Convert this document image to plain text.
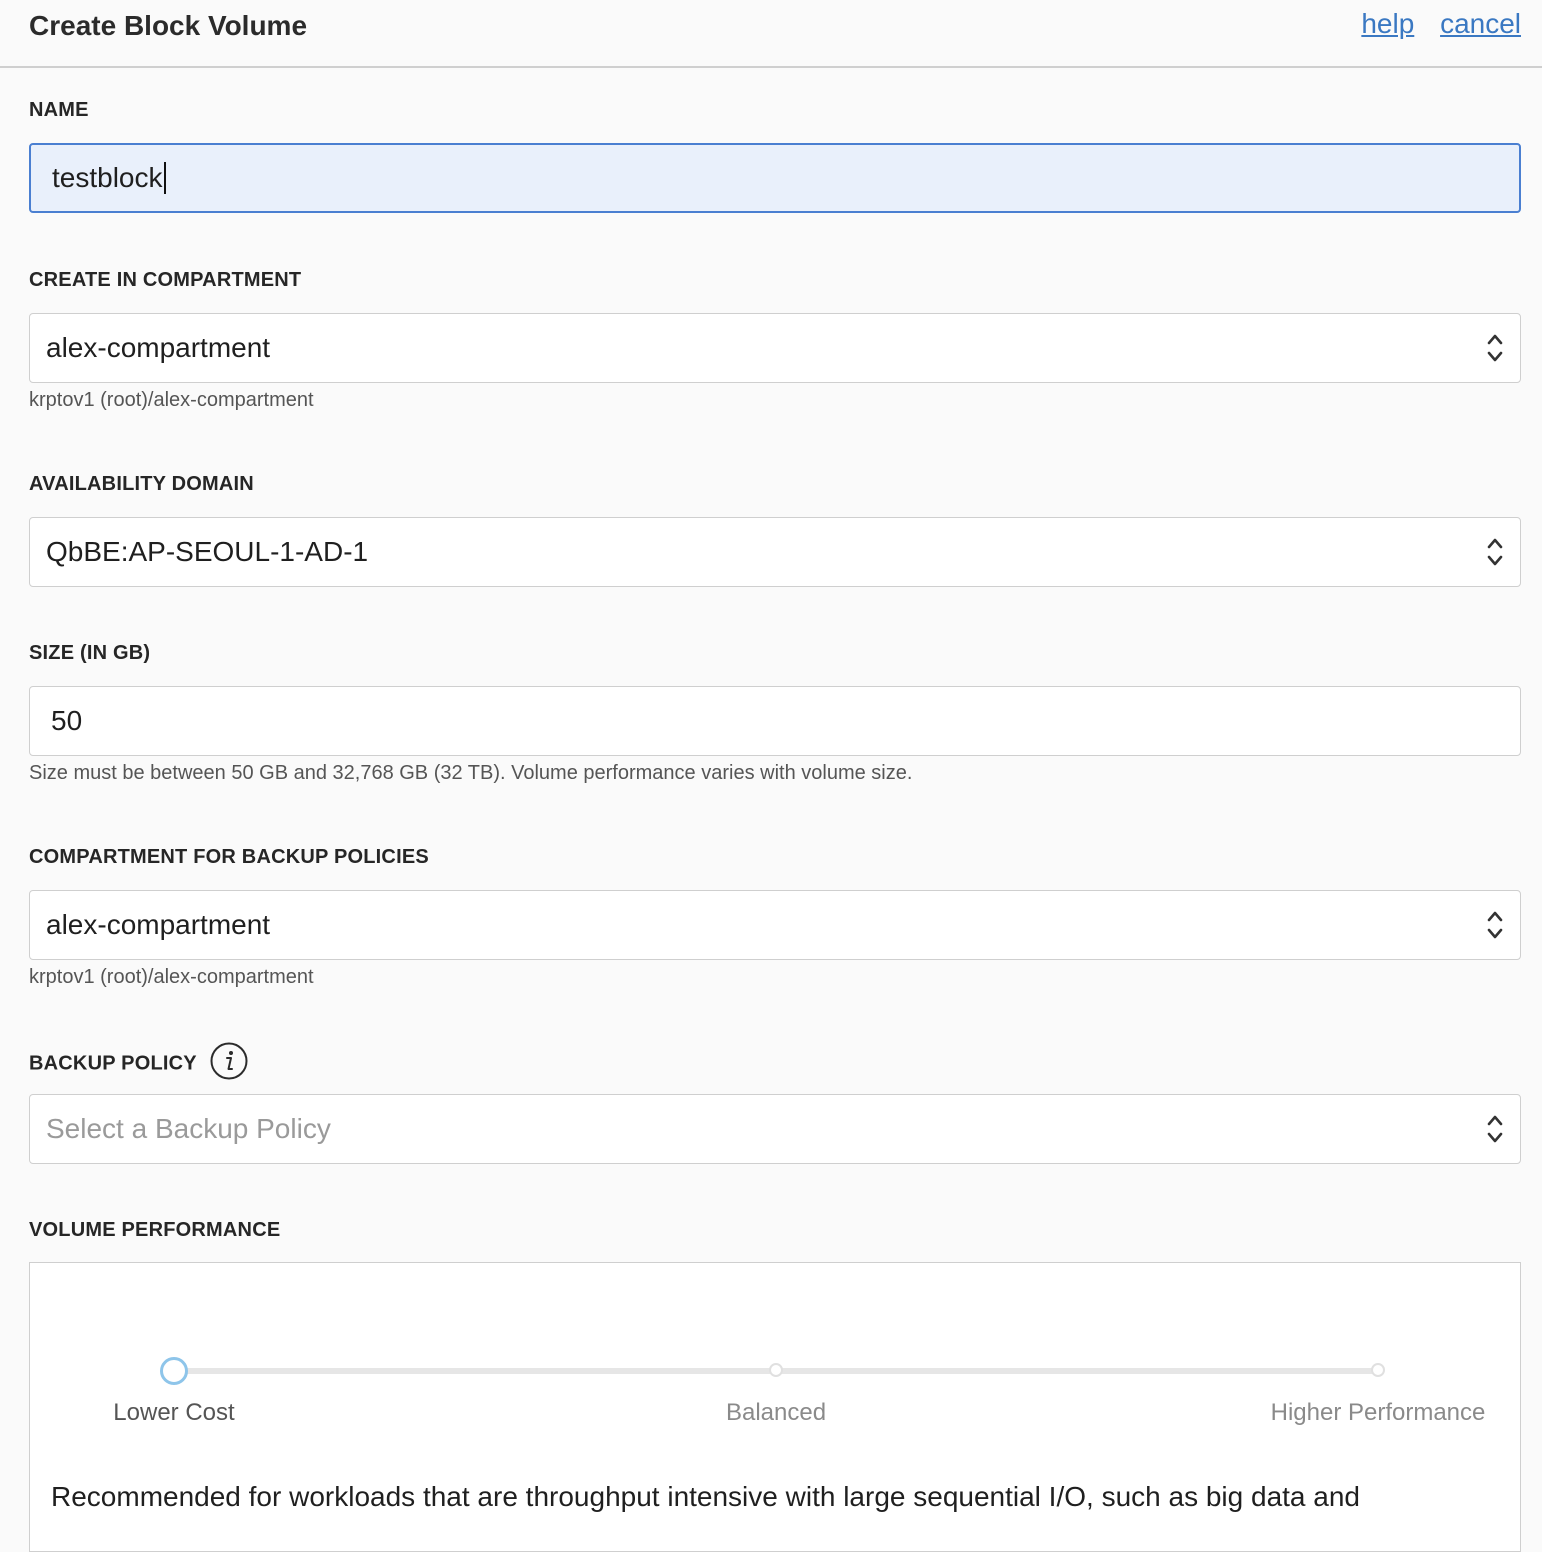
Create Block Volume	help cancel
NAME
testblock
CREATE IN COMPARTMENT
alex-compartment
krptov1 (root)/alex-compartment
AVAILABILITY DOMAIN
QbBE:AP-SEOUL-1-AD-1
SIZE (IN GB)
50
Size must be between 50 GB and 32,768 GB (32 TB). Volume performance varies with volume size.
COMPARTMENT FOR BACKUP POLICIES
alex-compartment
krptov1 (root)/alex-compartment
BACKUP POLICY
Select a Backup Policy
VOLUME PERFORMANCE
Lower Cost	Balanced	Higher Performance
Recommended for workloads that are throughput intensive with large sequential I/O, such as big data and
